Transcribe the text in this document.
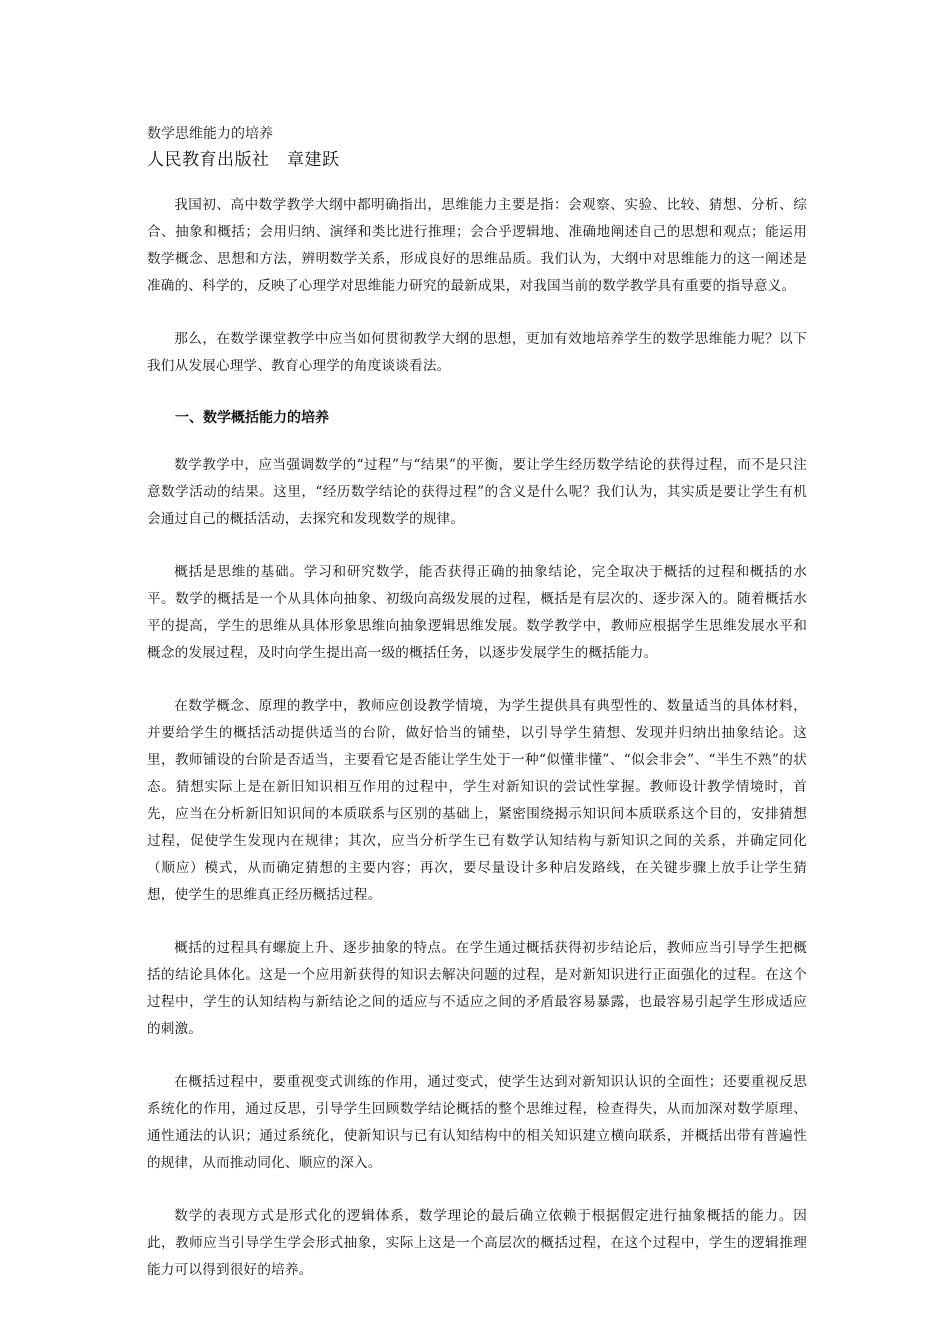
数学思维能力的培养
人民教育出版社　章建跃

我国初、高中数学教学大纲中都明确指出，思维能力主要是指：会观察、实验、比较、猜想、分析、综合、抽象和概括；会用归纳、演绎和类比进行推理；会合乎逻辑地、准确地阐述自己的思想和观点；能运用数学概念、思想和方法，辨明数学关系，形成良好的思维品质。我们认为，大纲中对思维能力的这一阐述是准确的、科学的，反映了心理学对思维能力研究的最新成果，对我国当前的数学教学具有重要的指导意义。

那么，在数学课堂教学中应当如何贯彻教学大纲的思想，更加有效地培养学生的数学思维能力呢？以下我们从发展心理学、教育心理学的角度谈谈看法。

一、数学概括能力的培养

数学教学中，应当强调数学的“过程”与“结果”的平衡，要让学生经历数学结论的获得过程，而不是只注意数学活动的结果。这里，“经历数学结论的获得过程”的含义是什么呢？我们认为，其实质是要让学生有机会通过自己的概括活动，去探究和发现数学的规律。

概括是思维的基础。学习和研究数学，能否获得正确的抽象结论，完全取决于概括的过程和概括的水平。数学的概括是一个从具体向抽象、初级向高级发展的过程，概括是有层次的、逐步深入的。随着概括水平的提高，学生的思维从具体形象思维向抽象逻辑思维发展。数学教学中，教师应根据学生思维发展水平和概念的发展过程，及时向学生提出高一级的概括任务，以逐步发展学生的概括能力。

在数学概念、原理的教学中，教师应创设教学情境，为学生提供具有典型性的、数量适当的具体材料，并要给学生的概括活动提供适当的台阶，做好恰当的铺垫，以引导学生猜想、发现并归纳出抽象结论。这里，教师铺设的台阶是否适当，主要看它是否能让学生处于一种“似懂非懂”、“似会非会”、“半生不熟”的状态。猜想实际上是在新旧知识相互作用的过程中，学生对新知识的尝试性掌握。教师设计教学情境时，首先，应当在分析新旧知识间的本质联系与区别的基础上，紧密围绕揭示知识间本质联系这个目的，安排猜想过程，促使学生发现内在规律；其次，应当分析学生已有数学认知结构与新知识之间的关系，并确定同化（顺应）模式，从而确定猜想的主要内容；再次，要尽量设计多种启发路线，在关键步骤上放手让学生猜想，使学生的思维真正经历概括过程。

概括的过程具有螺旋上升、逐步抽象的特点。在学生通过概括获得初步结论后，教师应当引导学生把概括的结论具体化。这是一个应用新获得的知识去解决问题的过程，是对新知识进行正面强化的过程。在这个过程中，学生的认知结构与新结论之间的适应与不适应之间的矛盾最容易暴露，也最容易引起学生形成适应的刺激。

在概括过程中，要重视变式训练的作用，通过变式，使学生达到对新知识认识的全面性；还要重视反思系统化的作用，通过反思，引导学生回顾数学结论概括的整个思维过程，检查得失，从而加深对数学原理、通性通法的认识；通过系统化，使新知识与已有认知结构中的相关知识建立横向联系，并概括出带有普遍性的规律，从而推动同化、顺应的深入。

数学的表现方式是形式化的逻辑体系，数学理论的最后确立依赖于根据假定进行抽象概括的能力。因此，教师应当引导学生学会形式抽象，实际上这是一个高层次的概括过程，在这个过程中，学生的逻辑推理能力可以得到很好的培养。
